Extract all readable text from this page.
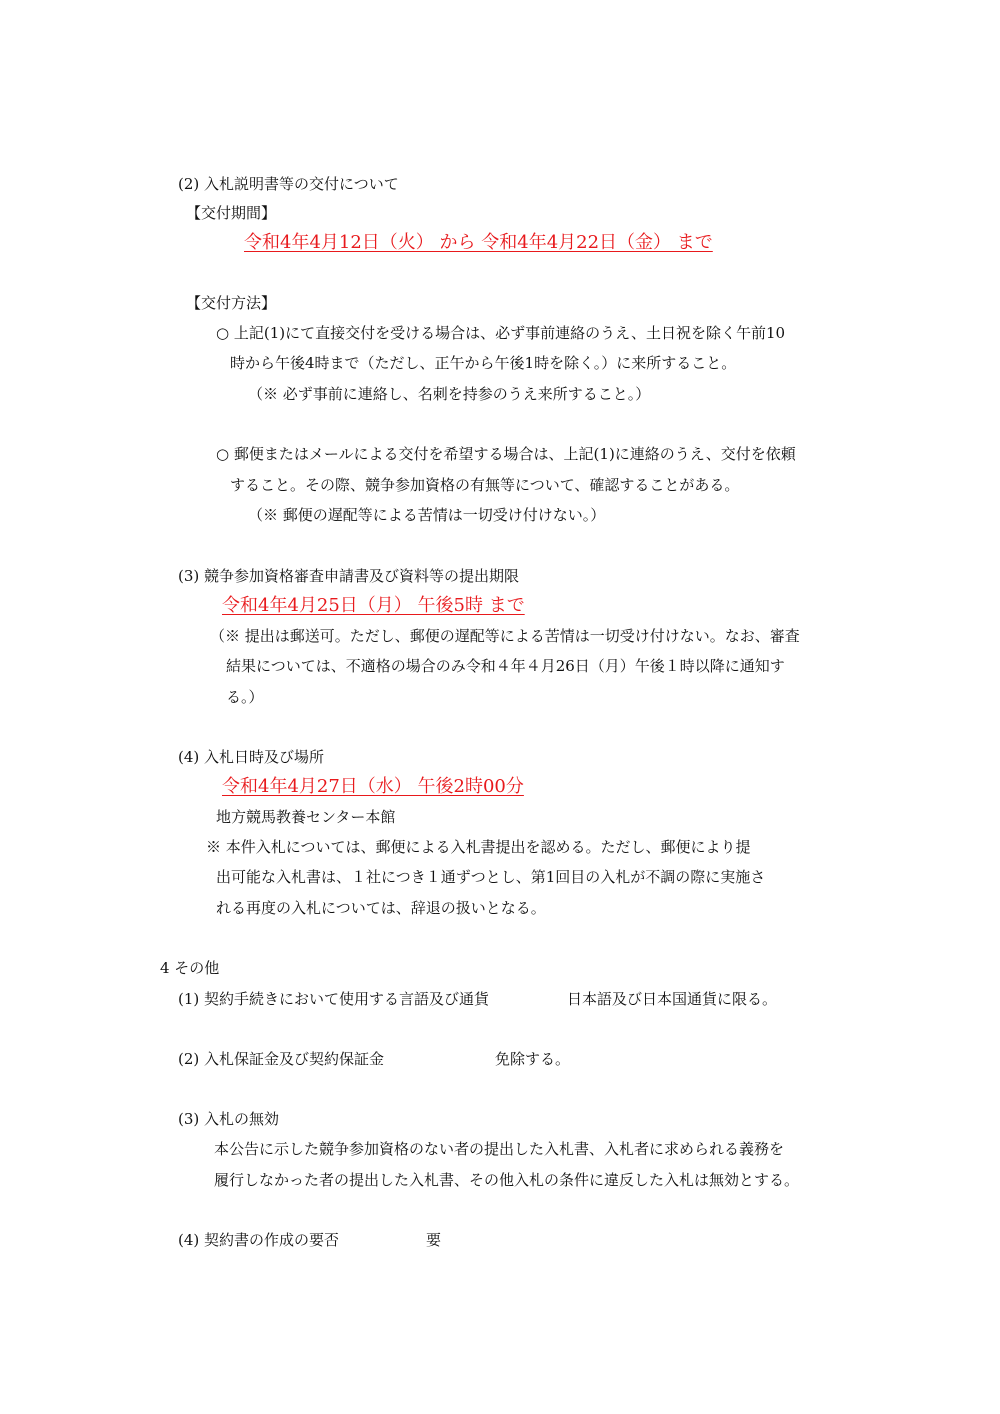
(2) 入札説明書等の交付について
【交付期間】
令和4年4月12日（火） から 令和4年4月22日（金） まで
【交付方法】
○ 上記(1)にて直接交付を受ける場合は、必ず事前連絡のうえ、土日祝を除く午前10
時から午後4時まで（ただし、正午から午後1時を除く。）に来所すること。
（※ 必ず事前に連絡し、名刺を持参のうえ来所すること。）
○ 郵便またはメールによる交付を希望する場合は、上記(1)に連絡のうえ、交付を依頼
すること。その際、競争参加資格の有無等について、確認することがある。
（※ 郵便の遅配等による苦情は一切受け付けない。）
(3) 競争参加資格審査申請書及び資料等の提出期限
令和4年4月25日（月） 午後5時 まで
（※ 提出は郵送可。ただし、郵便の遅配等による苦情は一切受け付けない。なお、審査
結果については、不適格の場合のみ令和４年４月26日（月）午後１時以降に通知す
る。）
(4) 入札日時及び場所
令和4年4月27日（水） 午後2時00分
地方競馬教養センター本館
※ 本件入札については、郵便による入札書提出を認める。ただし、郵便により提
出可能な入札書は、１社につき１通ずつとし、第1回目の入札が不調の際に実施さ
れる再度の入札については、辞退の扱いとなる。
4 その他
(1) 契約手続きにおいて使用する言語及び通貨	日本語及び日本国通貨に限る。
(2) 入札保証金及び契約保証金	免除する。
(3) 入札の無効
本公告に示した競争参加資格のない者の提出した入札書、入札者に求められる義務を
履行しなかった者の提出した入札書、その他入札の条件に違反した入札は無効とする。
(4) 契約書の作成の要否	要
